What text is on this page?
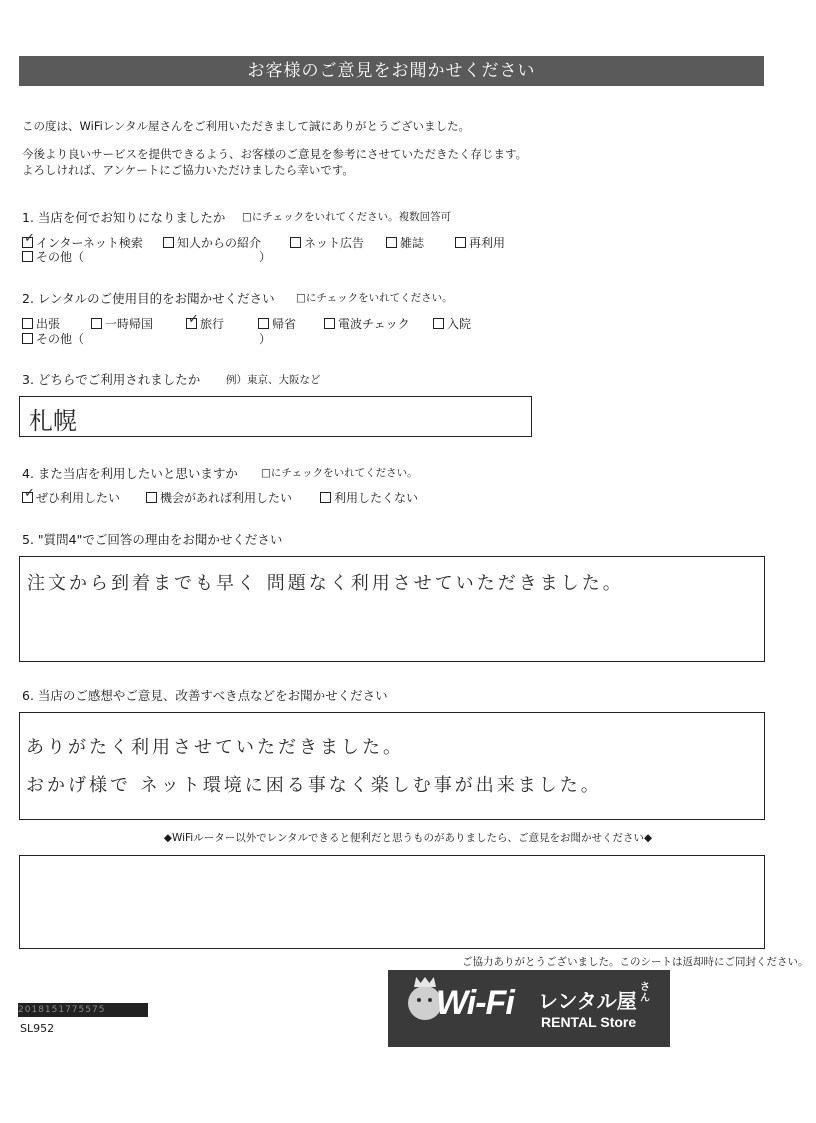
お客様のご意見をお聞かせください
この度は、WiFiレンタル屋さんをご利用いただきまして誠にありがとうございました。
今後より良いサービスを提供できるよう、お客様のご意見を参考にさせていただきたく存じます。
よろしければ、アンケートにご協力いただけましたら幸いです。
1. 当店を何でお知りになりましたか □にチェックをいれてください。複数回答可
✓ インターネット検索	知人からの紹介	ネット広告	雑誌	再利用
その他（	）
2. レンタルのご使用目的をお聞かせください □にチェックをいれてください。
出張	一時帰国	✓ 旅行	帰省	電波チェック	入院
その他（	）
3. どちらでご利用されましたか 例）東京、大阪など
札幌
4. また当店を利用したいと思いますか □にチェックをいれてください。
✓ ぜひ利用したい	機会があれば利用したい	利用したくない
5. "質問4"でご回答の理由をお聞かせください
注文から到着までも早く 問題なく利用させていただきました。
6. 当店のご感想やご意見、改善すべき点などをお聞かせください
ありがたく利用させていただきました。
おかげ様で ネット環境に困る事なく楽しむ事が出来ました。
◆WiFiルーター以外でレンタルできると便利だと思うものがありましたら、ご意見をお聞かせください◆
ご協力ありがとうございました。このシートは返却時にご同封ください。
2018151775575
SL952
Wi-Fi レンタル屋
さん
RENTAL Store
